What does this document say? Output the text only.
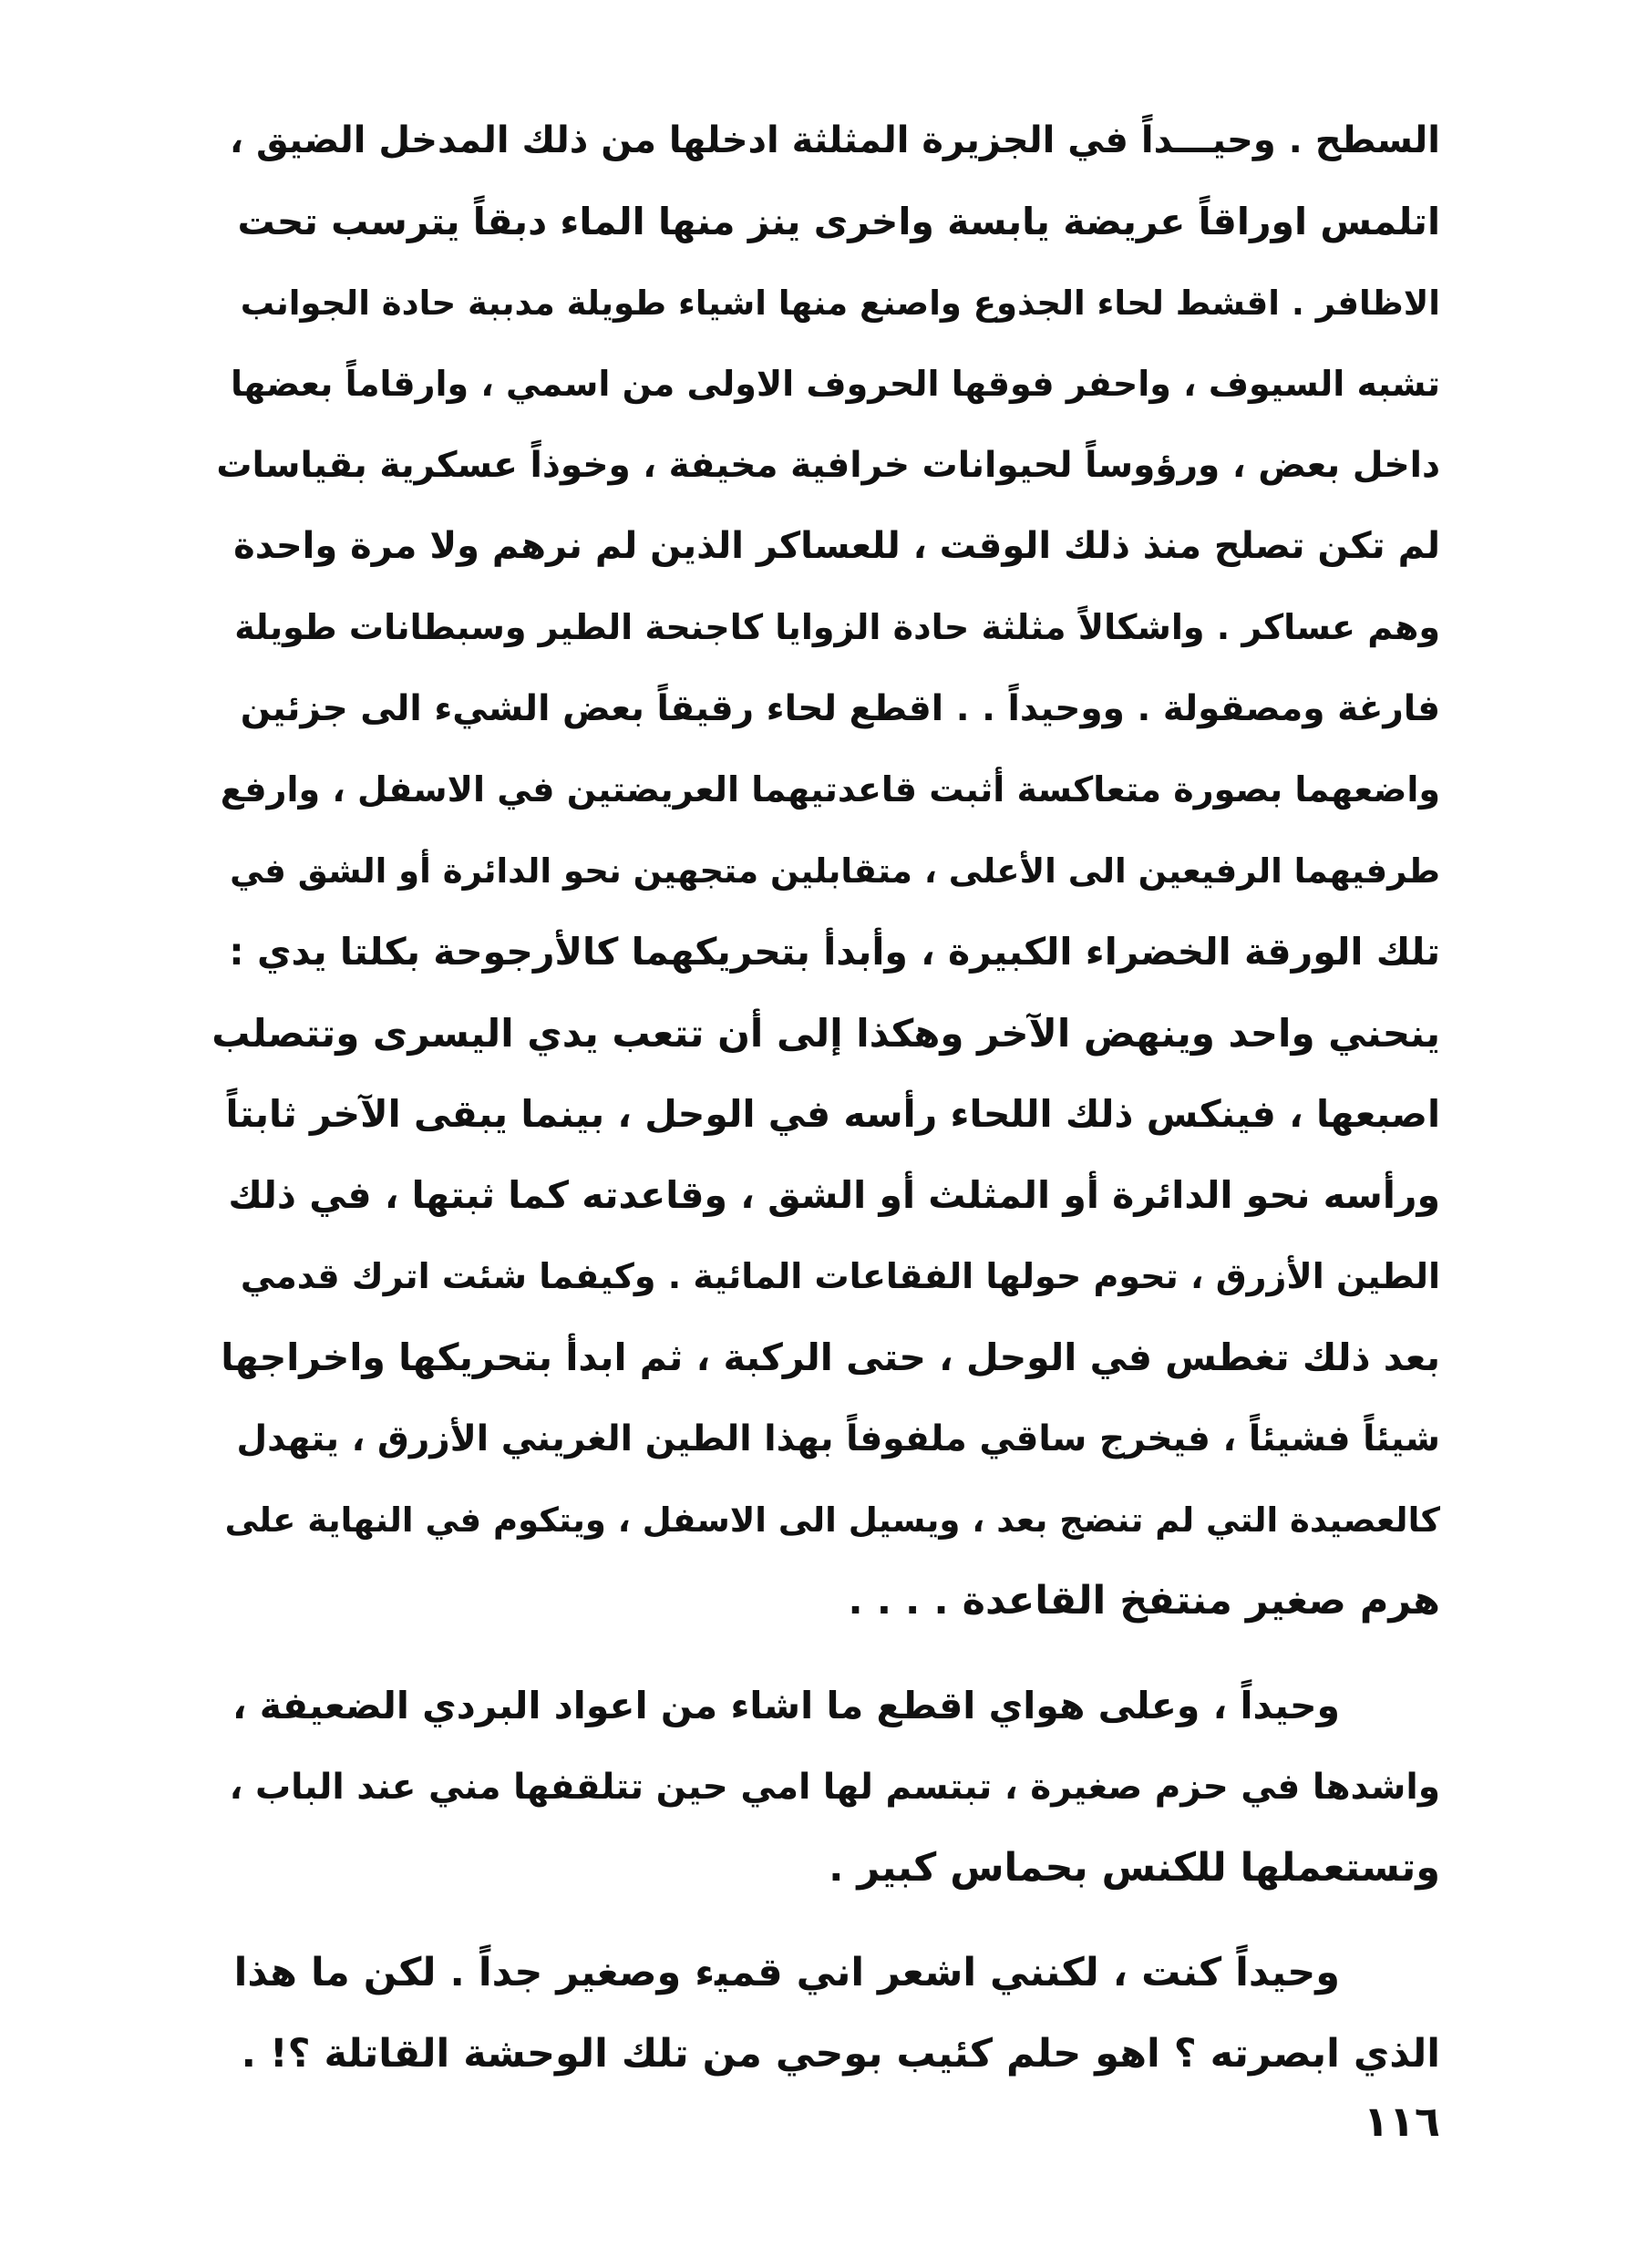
السطح . وحيـــداً في الجزيرة المثلثة ادخلها من ذلك المدخل الضيق ،
اتلمس اوراقاً عريضة يابسة واخرى ينز منها الماء دبقاً يترسب تحت
الاظافر . اقشط لحاء الجذوع واصنع منها اشياء طويلة مدببة حادة الجوانب
تشبه السيوف ، واحفر فوقها الحروف الاولى من اسمي ، وارقاماً بعضها
داخل بعض ، ورؤوساً لحيوانات خرافية مخيفة ، وخوذاً عسكرية بقياسات
لم تكن تصلح منذ ذلك الوقت ، للعساكر الذين لم نرهم ولا مرة واحدة
وهم عساكر . واشكالاً مثلثة حادة الزوايا كاجنحة الطير وسبطانات طويلة
فارغة ومصقولة . ووحيداً . . اقطع لحاء رقيقاً بعض الشيء الى جزئين
واضعهما بصورة متعاكسة أثبت قاعدتيهما العريضتين في الاسفل ، وارفع
طرفيهما الرفيعين الى الأعلى ، متقابلين متجهين نحو الدائرة أو الشق في
تلك الورقة الخضراء الكبيرة ، وأبدأ بتحريكهما كالأرجوحة بكلتا يدي :
ينحني واحد وينهض الآخر وهكذا إلى أن تتعب يدي اليسرى وتتصلب
اصبعها ، فينكس ذلك اللحاء رأسه في الوحل ، بينما يبقى الآخر ثابتاً
ورأسه نحو الدائرة أو المثلث أو الشق ، وقاعدته كما ثبتها ، في ذلك
الطين الأزرق ، تحوم حولها الفقاعات المائية . وكيفما شئت اترك قدمي
بعد ذلك تغطس في الوحل ، حتى الركبة ، ثم ابدأ بتحريكها واخراجها
شيئاً فشيئاً ، فيخرج ساقي ملفوفاً بهذا الطين الغريني الأزرق ، يتهدل
كالعصيدة التي لم تنضج بعد ، ويسيل الى الاسفل ، ويتكوم في النهاية على
هرم صغير منتفخ القاعدة . . . .
وحيداً ، وعلى هواي اقطع ما اشاء من اعواد البردي الضعيفة ،
واشدها في حزم صغيرة ، تبتسم لها امي حين تتلقفها مني عند الباب ،
وتستعملها للكنس بحماس كبير .
وحيداً كنت ، لكنني اشعر اني قمي‍ء وصغير جداً . لكن ما هذا
الذي ابصرته ؟ اهو حلم كئيب بوحي من تلك الوحشة القاتلة ؟! .
١١٦
